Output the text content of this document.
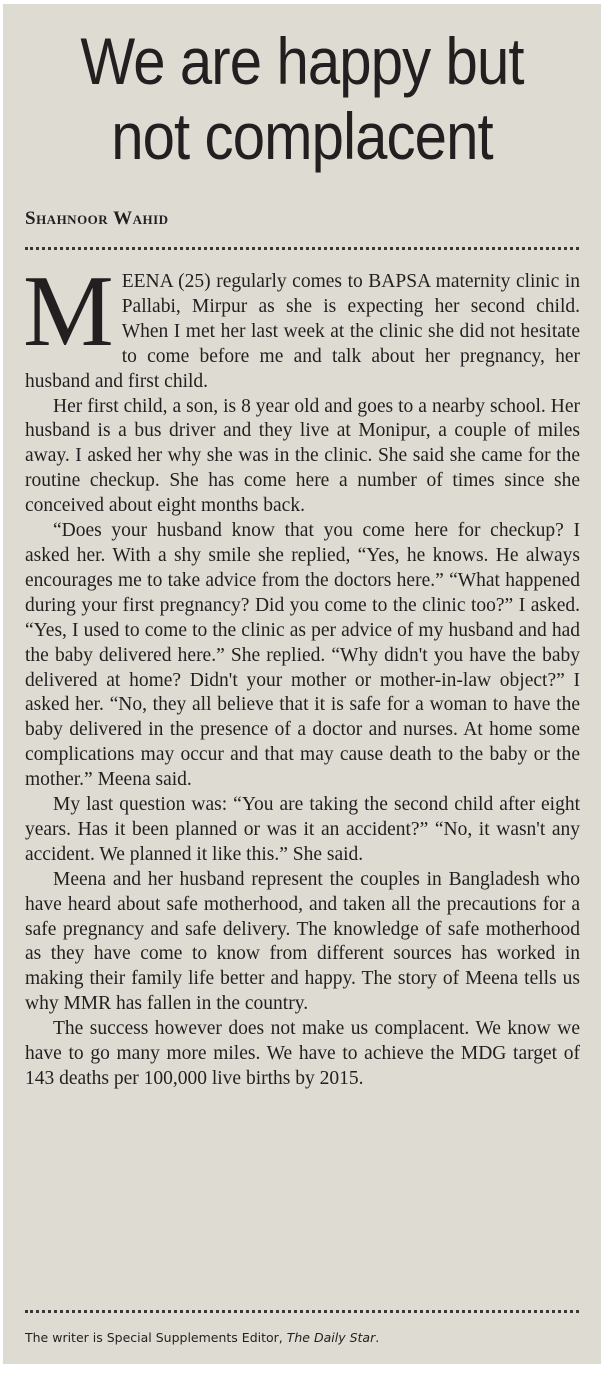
We are happy but
not complacent
Shahnoor Wahid

MEENA (25) regularly comes to BAPSA maternity clinic in Pallabi, Mirpur as she is expecting her second child. When I met her last week at the clinic she did not hesitate to come before me and talk about her pregnancy, her husband and first child.

Her first child, a son, is 8 year old and goes to a nearby school. Her husband is a bus driver and they live at Monipur, a couple of miles away. I asked her why she was in the clinic. She said she came for the routine checkup. She has come here a number of times since she conceived about eight months back.

“Does your husband know that you come here for checkup? I asked her. With a shy smile she replied, “Yes, he knows. He always encourages me to take advice from the doctors here.” “What happened during your first pregnancy? Did you come to the clinic too?” I asked. “Yes, I used to come to the clinic as per advice of my husband and had the baby delivered here.” She replied. “Why didn't you have the baby delivered at home? Didn't your mother or mother-in-law object?” I asked her. “No, they all believe that it is safe for a woman to have the baby delivered in the presence of a doctor and nurses. At home some complications may occur and that may cause death to the baby or the mother.” Meena said.

My last question was: “You are taking the second child after eight years. Has it been planned or was it an accident?” “No, it wasn't any accident. We planned it like this.” She said.

Meena and her husband represent the couples in Bangladesh who have heard about safe motherhood, and taken all the precautions for a safe pregnancy and safe delivery. The knowledge of safe motherhood as they have come to know from different sources has worked in making their family life better and happy. The story of Meena tells us why MMR has fallen in the country.

The success however does not make us complacent. We know we have to go many more miles. We have to achieve the MDG target of 143 deaths per 100,000 live births by 2015.

The writer is Special Supplements Editor, The Daily Star.
